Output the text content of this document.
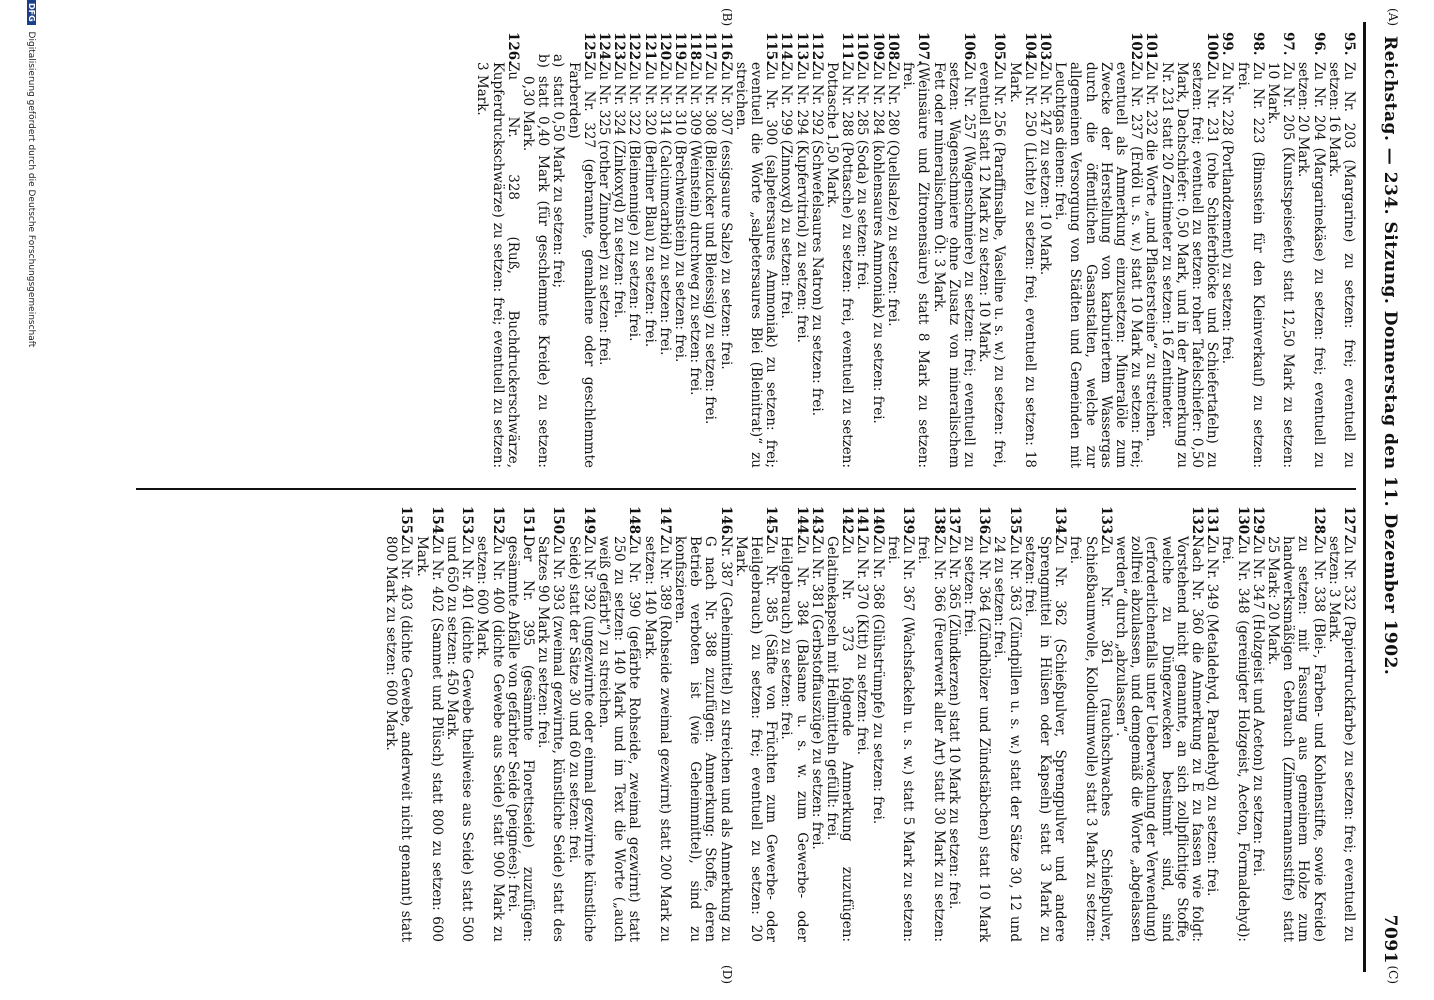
Reichstag. — 234. Sitzung. Donnerstag den 11. Dezember 1902.
7091
(A)
(C)
(B)
(D)
95.
Zu Nr. 203 (Margarine) zu setzen: frei; eventuell zu setzen: 16 Mark.
96.
Zu Nr. 204 (Margarinekäse) zu setzen: frei; eventuell zu setzen: 20 Mark.
97.
Zu Nr. 205 (Kunstspeisefett) statt 12,50 Mark zu setzen: 10 Mark.
98.
Zu Nr. 223 (Bimsstein für den Kleinverkauf) zu setzen: frei.
99.
Zu Nr. 228 (Portlandzement) zu setzen: frei.
100.
Zu Nr. 231 (rohe Schieferblöcke und Schiefertafeln) zu setzen: frei; eventuell zu setzen: roher Tafelschiefer: 0,50 Mark, Dachschiefer: 0,50 Mark, und in der Anmerkung zu Nr. 231 statt 20 Zentimeter zu setzen: 16 Zentimeter.
101.
Zu Nr. 232 die Worte „und Pflastersteine“ zu streichen.
102.
Zu Nr. 237 (Erdöl u. s. w.) statt 10 Mark zu setzen: frei; eventuell als Anmerkung einzusetzen: Mineralöle zum Zwecke der Herstellung von karburiertem Wassergas durch die öffentlichen Gasanstalten, welche zur allgemeinen Versorgung von Städten und Gemeinden mit Leuchtgas dienen: frei.
103.
Zu Nr. 247 zu setzen: 10 Mark.
104.
Zu Nr. 250 (Lichte) zu setzen: frei, eventuell zu setzen: 18 Mark.
105.
Zu Nr. 256 (Paraffinsalbe, Vaseline u. s. w.) zu setzen: frei, eventuell statt 12 Mark zu setzen: 10 Mark.
106.
Zu Nr. 257 (Wagenschmiere) zu setzen: frei; eventuell zu setzen: Wagenschmiere ohne Zusatz von mineralischem Fett oder mineralischem Öl: 3 Mark.
107.
(Weinsäure und Zitronensäure) statt 8 Mark zu setzen: frei.
108.
Zu Nr. 280 (Quellsalze) zu setzen: frei.
109.
Zu Nr. 284 (kohlensaures Ammoniak) zu setzen: frei.
110.
Zu Nr. 285 (Soda) zu setzen: frei.
111.
Zu Nr. 288 (Pottasche) zu setzen: frei, eventuell zu setzen: Pottasche 1,50 Mark.
112.
Zu Nr. 292 (Schwefelsaures Natron) zu setzen: frei.
113.
Zu Nr. 294 (Kupfervitriol) zu setzen: frei.
114.
Zu Nr. 299 (Zinnoxyd) zu setzen: frei.
115.
Zu Nr. 300 (salpetersaures Ammoniak) zu setzen: frei; eventuell die Worte „salpetersaures Blei (Bleinitrat)“ zu streichen.
116.
Zu Nr. 307 (essigsaure Salze) zu setzen: frei.
117.
Zu Nr. 308 (Bleizucker und Bleiessig) zu setzen: frei.
118.
Zu Nr. 309 (Weinstein) durchweg zu setzen: frei.
119.
Zu Nr. 310 (Brechweinstein) zu setzen: frei.
120.
Zu Nr. 314 (Calciumcarbid) zu setzen: frei.
121.
Zu Nr. 320 (Berliner Blau) zu setzen: frei.
122.
Zu Nr. 322 (Bleimennige) zu setzen: frei.
123.
Zu Nr. 324 (Zinkoxyd) zu setzen: frei.
124.
Zu Nr. 325 (rother Zinnober) zu setzen: frei.
125.
Zu Nr. 327 (gebrannte, gemahlene oder geschlemmte Farberden)
a)
statt 0,50 Mark zu setzen: frei;
b)
statt 0,40 Mark (für geschlemmte Kreide) zu setzen: 0,30 Mark.
126.
Zu Nr. 328 (Ruß, Buchdruckerschwärze, Kupferdruckschwärze) zu setzen: frei; eventuell zu setzen: 3 Mark.
127.
Zu Nr. 332 (Papierdruckfarbe) zu setzen: frei; eventuell zu setzen: 3 Mark.
128.
Zu Nr. 338 (Blei-, Farben- und Kohlenstifte, sowie Kreide) zu setzen: mit Fassung aus gemeinem Holze zum handwerksmäßigen Gebrauch (Zimmermannsstifte) statt 25 Mark: 20 Mark.
129.
Zu Nr. 347 (Holzgeist und Aceton) zu setzen: frei.
130.
Zu Nr. 348 (gereinigter Holzgeist, Aceton, Formaldehyd): frei.
131.
Zu Nr. 349 (Metaldehyd, Paraldehyd) zu setzen: frei.
132.
Nach Nr. 360 die Anmerkung zu E zu fassen wie folgt: Vorstehend nicht genannte, an sich zollpflichtige Stoffe, welche zu Düngezwecken bestimmt sind, sind (erforderlichenfalls unter Ueberwachung der Verwendung) zollfrei abzulassen, und demgemäß die Worte „abgelassen werden“ durch „abzulassen“.
133.
Zu Nr. 361 (rauchschwaches Schießpulver, Schießbaumwolle, Kollodiumwolle) statt 3 Mark zu setzen: frei.
134.
Zu Nr. 362 (Schießpulver, Sprengpulver und andere Sprengmittel in Hülsen oder Kapseln) statt 3 Mark zu setzen: frei.
135.
Zu Nr. 363 (Zündpillen u. s. w.) statt der Sätze 30, 12 und 24 zu setzen: frei.
136.
Zu Nr. 364 (Zündhölzer und Zündstäbchen) statt 10 Mark zu setzen: frei.
137.
Zu Nr. 365 (Zündkerzen) statt 10 Mark zu setzen: frei.
138.
Zu Nr. 366 (Feuerwerk aller Art) statt 30 Mark zu setzen: frei.
139.
Zu Nr. 367 (Wachsfackeln u. s. w.) statt 5 Mark zu setzen: frei.
140.
Zu Nr. 368 (Glühstrümpfe) zu setzen: frei.
141.
Zu Nr. 370 (Kitt) zu setzen: frei.
142.
Zu Nr. 373 folgende Anmerkung zuzufügen: Gelatinekapseln mit Heilmitteln gefüllt: frei.
143.
Zu Nr. 381 (Gerbstoffauszüge) zu setzen: frei.
144.
Zu Nr. 384 (Balsame u. s. w. zum Gewerbe- oder Heilgebrauch) zu setzen: frei.
145.
Zu Nr. 385 (Säfte von Früchten zum Gewerbe- oder Heilgebrauch) zu setzen: frei; eventuell zu setzen: 20 Mark.
146.
Nr. 387 (Geheimmittel) zu streichen und als Anmerkung zu G nach Nr. 388 zuzufügen: Anmerkung: Stoffe, deren Betrieb verboten ist (wie Geheimmittel), sind zu konfiszieren.
147.
Zu Nr. 389 (Rohseide zweimal gezwirnt) statt 200 Mark zu setzen: 140 Mark.
148.
Zu Nr. 390 (gefärbte Rohseide, zweimal gezwirnt) statt 250 zu setzen: 140 Mark und im Text die Worte („auch weiß gefärbt“) zu streichen.
149.
Zu Nr. 392 (ungezwirnte oder einmal gezwirnte künstliche Seide) statt der Sätze 30 und 60 zu setzen: frei.
150.
Zu Nr. 393 (zweimal gezwirnte, künstliche Seide) statt des Satzes 90 Mark zu setzen: frei.
151.
Der Nr. 395 (gesämmte Florettseide) zuzufügen: gesämmte Abfälle von gefärbter Seide (peignées): frei.
152.
Zu Nr. 400 (dichte Gewebe aus Seide) statt 900 Mark zu setzen: 600 Mark.
153.
Zu Nr. 401 (dichte Gewebe theilweise aus Seide) statt 500 und 650 zu setzen: 450 Mark.
154.
Zu Nr. 402 (Sammet und Plüsch) statt 800 zu setzen: 600 Mark.
155.
Zu Nr. 403 (dichte Gewebe, anderweit nicht genannt) statt 800 Mark zu setzen: 600 Mark.
DFG Digitalisierung gefördert durch die Deutsche Forschungsgemeinschaft
